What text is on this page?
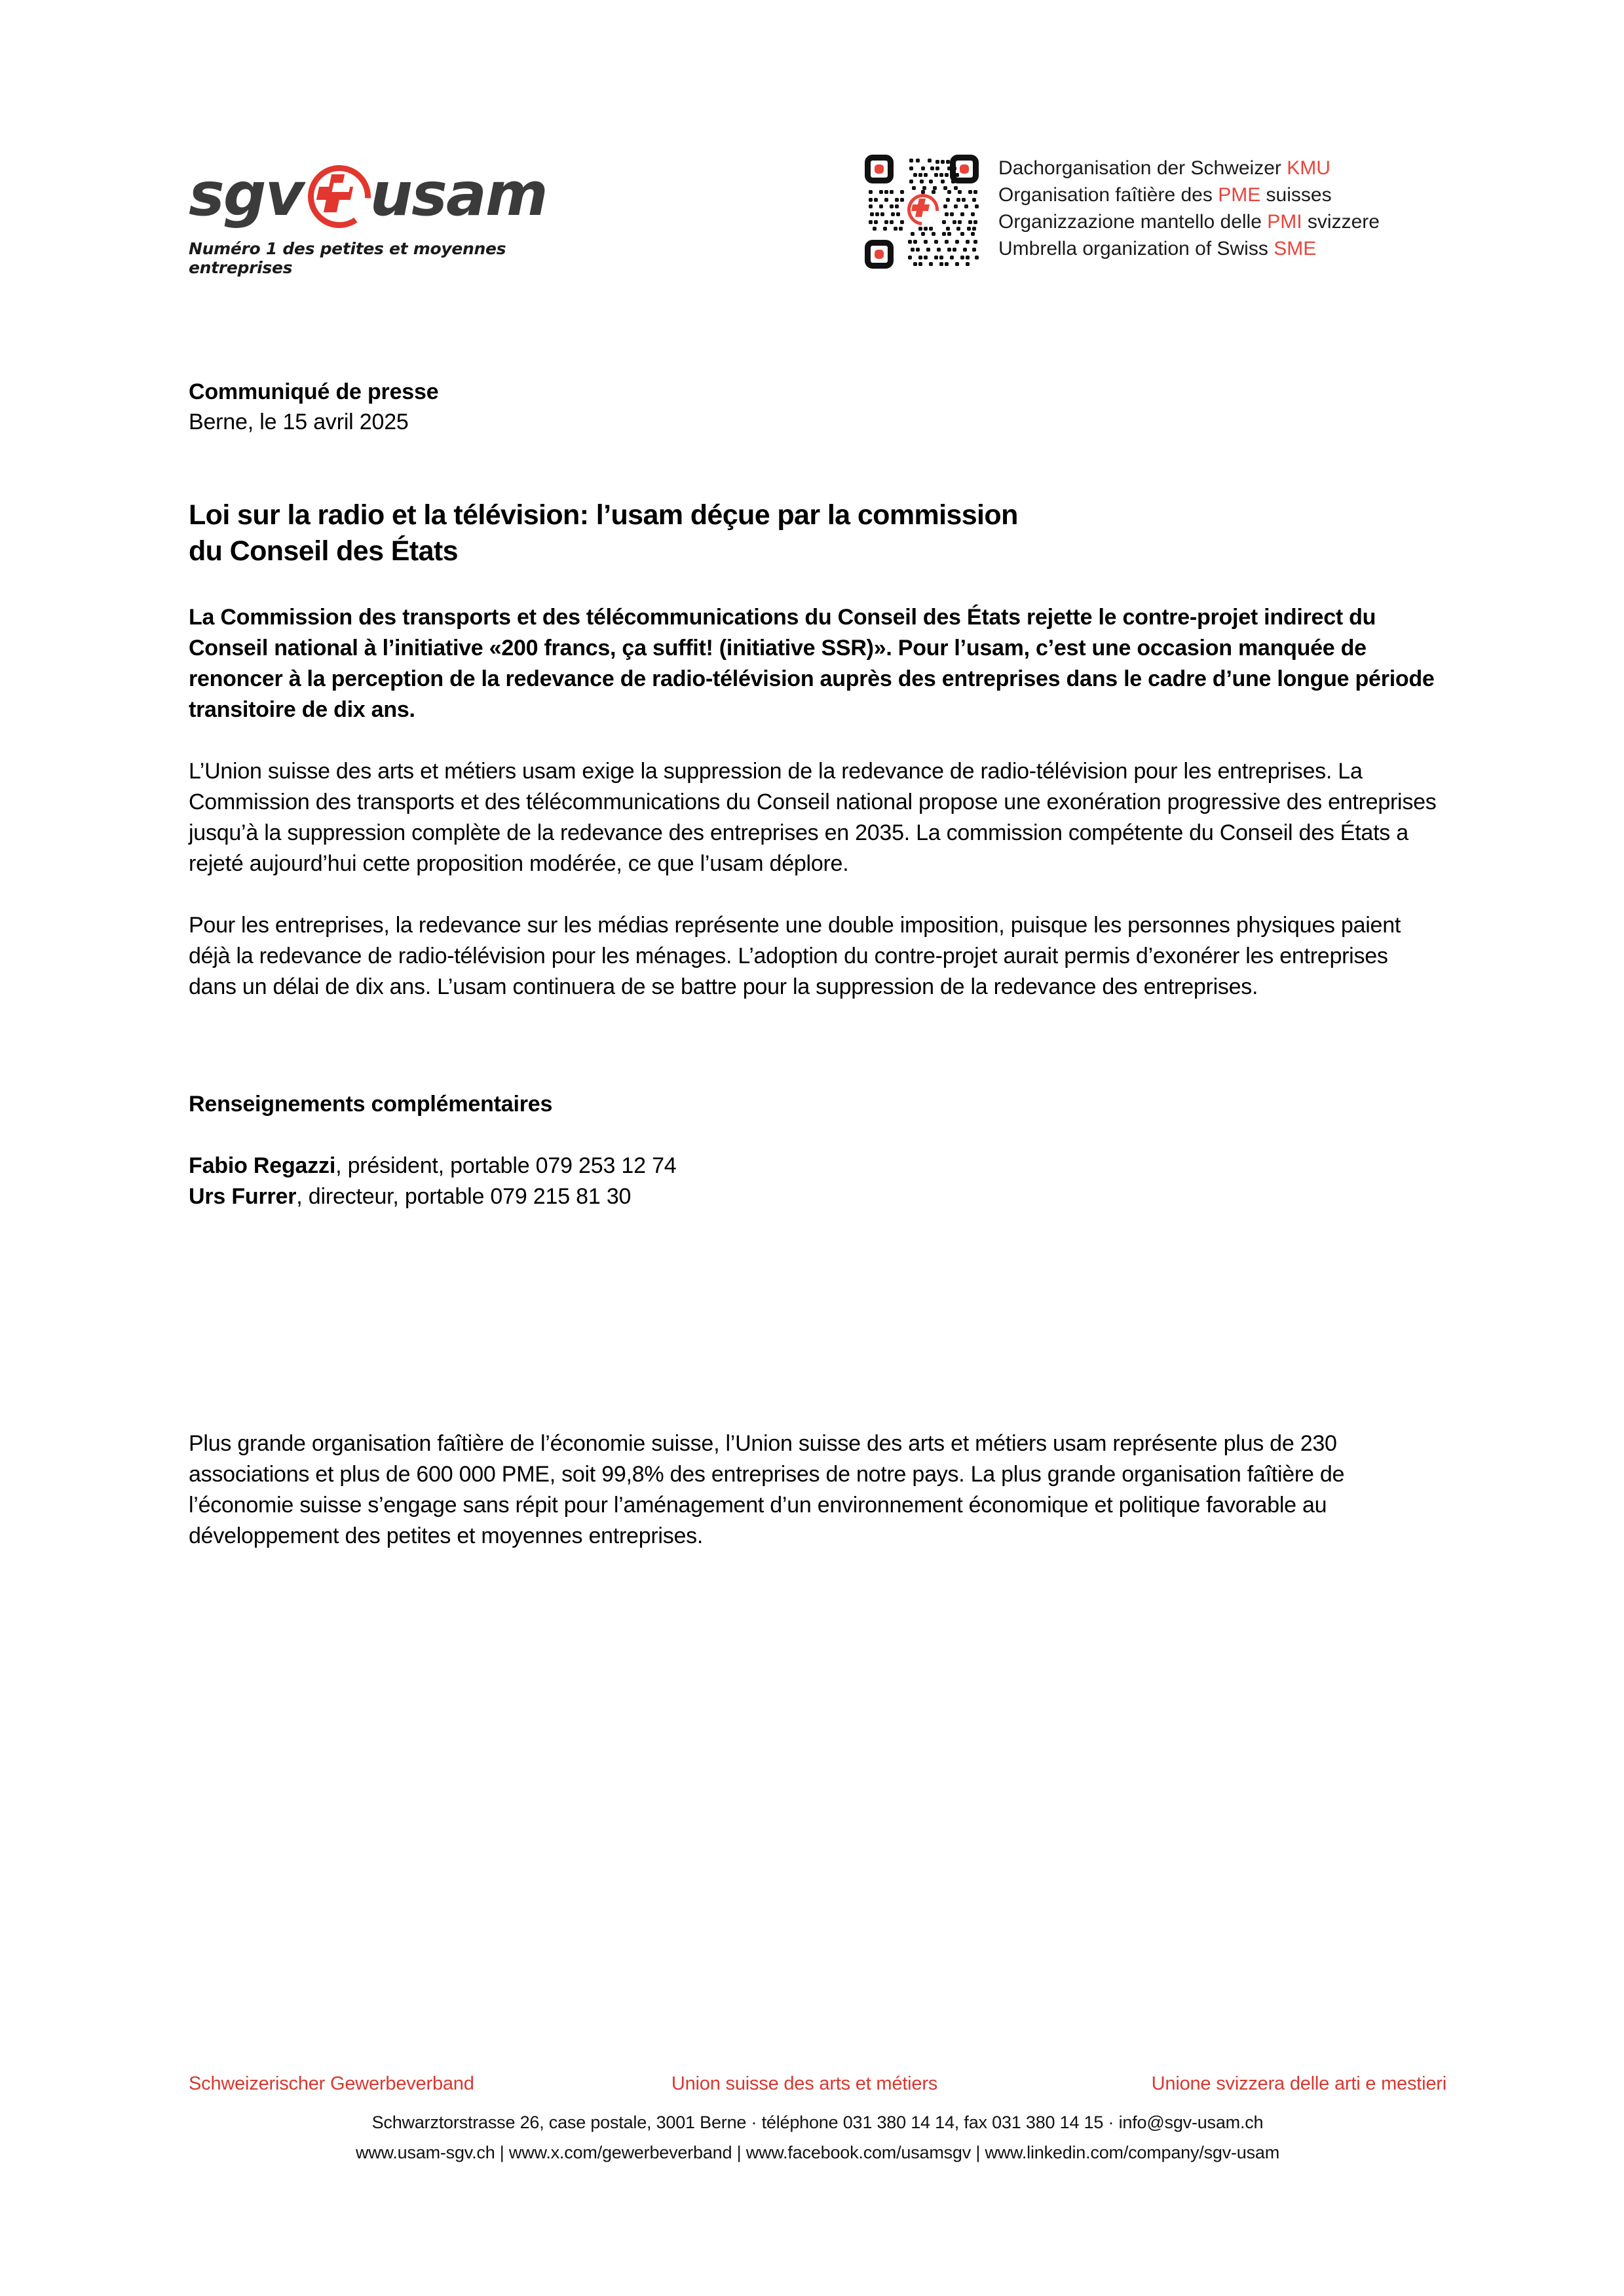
sgv usam
Numéro 1 des petites et moyennes entreprises
Dachorganisation der Schweizer KMU
Organisation faîtière des PME suisses
Organizzazione mantello delle PMI svizzere
Umbrella organization of Swiss SME
Communiqué de presse
Berne, le 15 avril 2025
Loi sur la radio et la télévision: l’usam déçue par la commission
du Conseil des États

La Commission des transports et des télécommunications du Conseil des États rejette le contre-projet indirect du Conseil national à l’initiative «200 francs, ça suffit! (initiative SSR)». Pour l’usam, c’est une occasion manquée de renoncer à la perception de la redevance de radio-télévision auprès des entreprises dans le cadre d’une longue période transitoire de dix ans.

L’Union suisse des arts et métiers usam exige la suppression de la redevance de radio-télévision pour les entreprises. La Commission des transports et des télécommunications du Conseil national propose une exonération progressive des entreprises jusqu’à la suppression complète de la redevance des entreprises en 2035. La commission compétente du Conseil des États a rejeté aujourd’hui cette proposition modérée, ce que l’usam déplore.

Pour les entreprises, la redevance sur les médias représente une double imposition, puisque les personnes physiques paient déjà la redevance de radio-télévision pour les ménages. L’adoption du contre-projet aurait permis d’exonérer les entreprises dans un délai de dix ans. L’usam continuera de se battre pour la suppression de la redevance des entreprises.

Renseignements complémentaires
Fabio Regazzi, président, portable 079 253 12 74
Urs Furrer, directeur, portable 079 215 81 30

Plus grande organisation faîtière de l’économie suisse, l’Union suisse des arts et métiers usam représente plus de 230 associations et plus de 600 000 PME, soit 99,8% des entreprises de notre pays. La plus grande organisation faîtière de l’économie suisse s’engage sans répit pour l’aménagement d’un environnement économique et politique favorable au développement des petites et moyennes entreprises.

Schweizerischer Gewerbeverband	Union suisse des arts et métiers	Unione svizzera delle arti e mestieri
Schwarztorstrasse 26, case postale, 3001 Berne · téléphone 031 380 14 14, fax 031 380 14 15 · info@sgv-usam.ch
www.usam-sgv.ch | www.x.com/gewerbeverband | www.facebook.com/usamsgv | www.linkedin.com/company/sgv-usam
